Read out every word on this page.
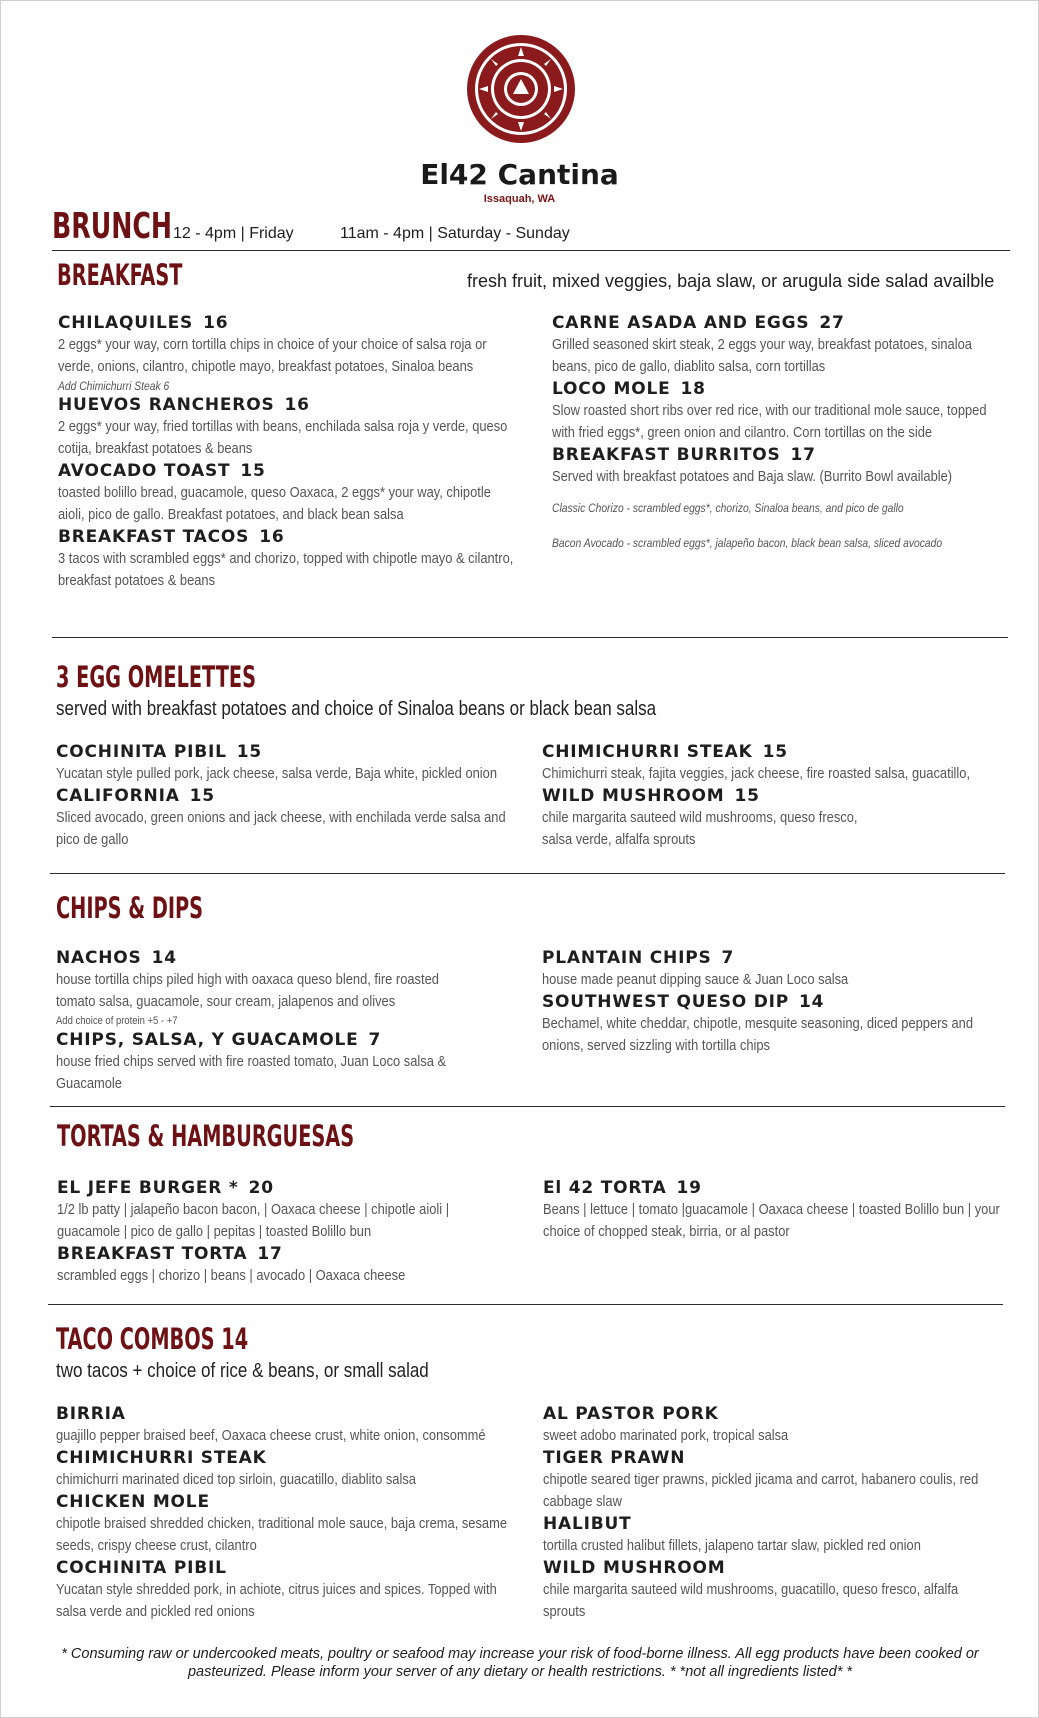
El42 Cantina
Issaquah, WA
BRUNCH 12 - 4pm | Friday	11am - 4pm | Saturday - Sunday
BREAKFAST	fresh fruit, mixed veggies, baja slaw, or arugula side salad availble
CHILAQUILES 16
2 eggs* your way, corn tortilla chips in choice of your choice of salsa roja or verde, onions, cilantro, chipotle mayo, breakfast potatoes, Sinaloa beans
Add Chimichurri Steak 6
HUEVOS RANCHEROS 16
2 eggs* your way, fried tortillas with beans, enchilada salsa roja y verde, queso cotija, breakfast potatoes & beans
AVOCADO TOAST 15
toasted bolillo bread, guacamole, queso Oaxaca, 2 eggs* your way, chipotle aioli, pico de gallo. Breakfast potatoes, and black bean salsa
BREAKFAST TACOS 16
3 tacos with scrambled eggs* and chorizo, topped with chipotle mayo & cilantro, breakfast potatoes & beans
CARNE ASADA AND EGGS 27
Grilled seasoned skirt steak, 2 eggs your way, breakfast potatoes, sinaloa beans, pico de gallo, diablito salsa, corn tortillas
LOCO MOLE 18
Slow roasted short ribs over red rice, with our traditional mole sauce, topped with fried eggs*, green onion and cilantro. Corn tortillas on the side
BREAKFAST BURRITOS 17
Served with breakfast potatoes and Baja slaw. (Burrito Bowl available)
Classic Chorizo - scrambled eggs*, chorizo, Sinaloa beans, and pico de gallo
Bacon Avocado - scrambled eggs*, jalapeño bacon, black bean salsa, sliced avocado
3 EGG OMELETTES
served with breakfast potatoes and choice of Sinaloa beans or black bean salsa
COCHINITA PIBIL 15
Yucatan style pulled pork, jack cheese, salsa verde, Baja white, pickled onion
CALIFORNIA 15
Sliced avocado, green onions and jack cheese, with enchilada verde salsa and pico de gallo
CHIMICHURRI STEAK 15
Chimichurri steak, fajita veggies, jack cheese, fire roasted salsa, guacatillo,
WILD MUSHROOM 15
chile margarita sauteed wild mushrooms, queso fresco, salsa verde, alfalfa sprouts
CHIPS & DIPS
NACHOS 14
house tortilla chips piled high with oaxaca queso blend, fire roasted tomato salsa, guacamole, sour cream, jalapenos and olives
Add choice of protein +5 - +7
CHIPS, SALSA, Y GUACAMOLE 7
house fried chips served with fire roasted tomato, Juan Loco salsa & Guacamole
PLANTAIN CHIPS 7
house made peanut dipping sauce & Juan Loco salsa
SOUTHWEST QUESO DIP 14
Bechamel, white cheddar, chipotle, mesquite seasoning, diced peppers and onions, served sizzling with tortilla chips
TORTAS & HAMBURGUESAS
EL JEFE BURGER * 20
1/2 lb patty | jalapeño bacon bacon, | Oaxaca cheese | chipotle aioli | guacamole | pico de gallo | pepitas | toasted Bolillo bun
BREAKFAST TORTA 17
scrambled eggs | chorizo | beans | avocado | Oaxaca cheese
El 42 TORTA 19
Beans | lettuce | tomato |guacamole | Oaxaca cheese | toasted Bolillo bun | your choice of chopped steak, birria, or al pastor
TACO COMBOS 14
two tacos + choice of rice & beans, or small salad
BIRRIA
guajillo pepper braised beef, Oaxaca cheese crust, white onion, consommé
CHIMICHURRI STEAK
chimichurri marinated diced top sirloin, guacatillo, diablito salsa
CHICKEN MOLE
chipotle braised shredded chicken, traditional mole sauce, baja crema, sesame seeds, crispy cheese crust, cilantro
COCHINITA PIBIL
Yucatan style shredded pork, in achiote, citrus juices and spices. Topped with salsa verde and pickled red onions
AL PASTOR PORK
sweet adobo marinated pork, tropical salsa
TIGER PRAWN
chipotle seared tiger prawns, pickled jicama and carrot, habanero coulis, red cabbage slaw
HALIBUT
tortilla crusted halibut fillets, jalapeno tartar slaw, pickled red onion
WILD MUSHROOM
chile margarita sauteed wild mushrooms, guacatillo, queso fresco, alfalfa sprouts
* Consuming raw or undercooked meats, poultry or seafood may increase your risk of food-borne illness. All egg products have been cooked or
pasteurized. Please inform your server of any dietary or health restrictions. * *not all ingredients listed* *
